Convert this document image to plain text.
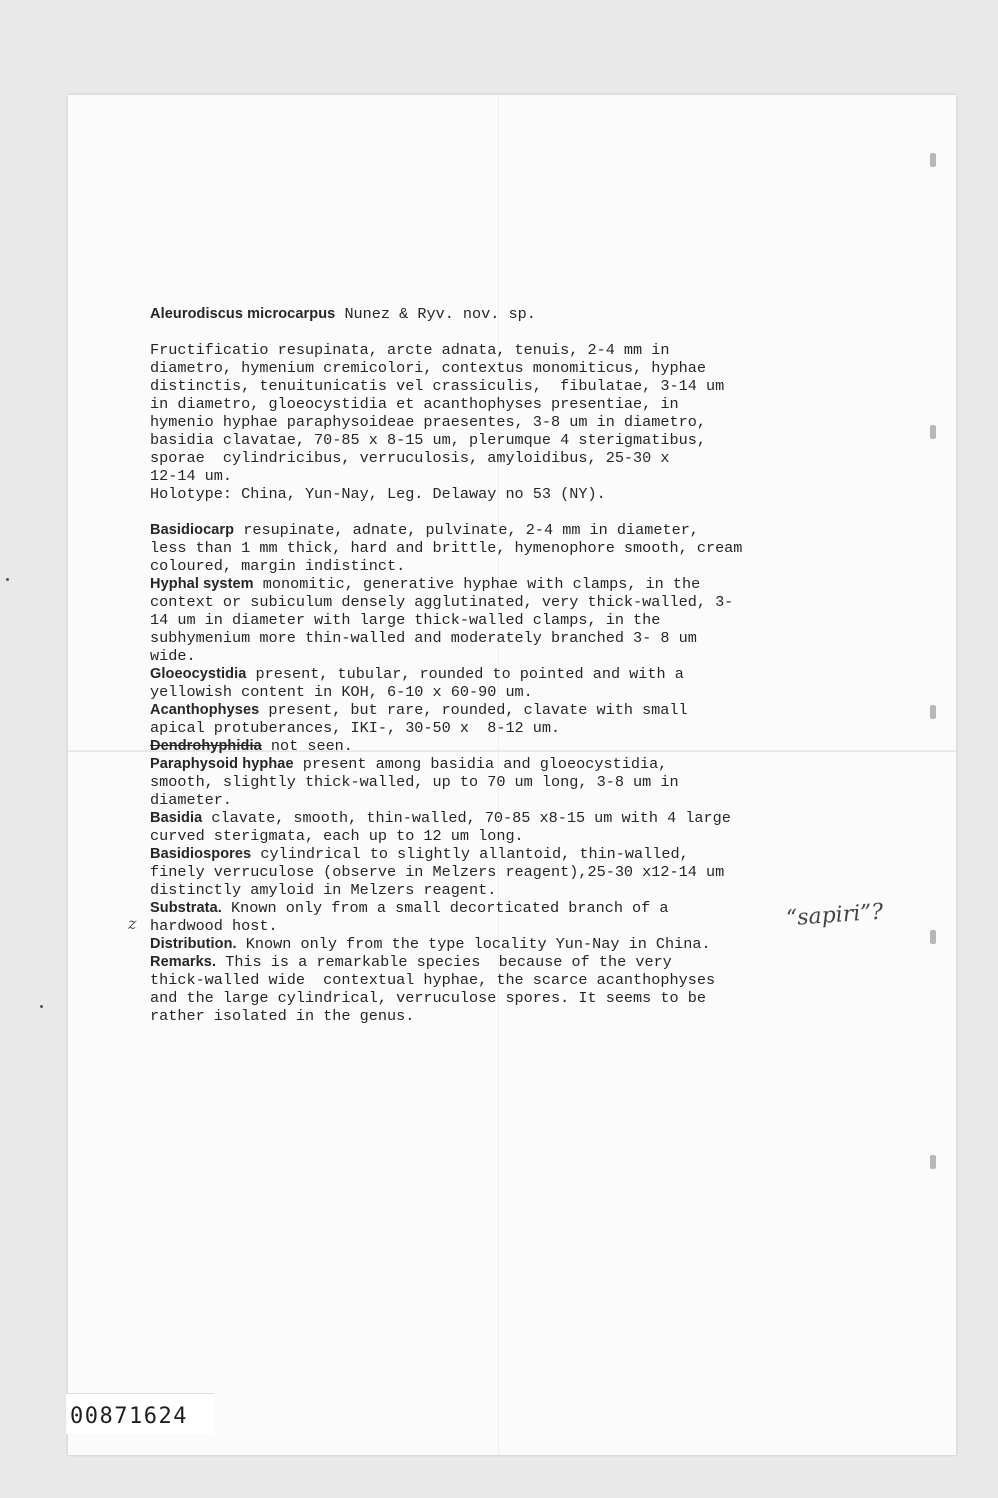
Aleurodiscus microcarpus Nunez & Ryv. nov. sp.

Fructificatio resupinata, arcte adnata, tenuis, 2-4 mm in

diametro, hymenium cremicolori, contextus monomiticus, hyphae

distinctis, tenuitunicatis vel crassiculis,  fibulatae, 3-14 um

in diametro, gloeocystidia et acanthophyses presentiae, in

hymenio hyphae paraphysoideae praesentes, 3-8 um in diametro,

basidia clavatae, 70-85 x 8-15 um, plerumque 4 sterigmatibus,

sporae  cylindricibus, verruculosis, amyloidibus, 25-30 x

12-14 um.

Holotype: China, Yun-Nay, Leg. Delaway no 53 (NY).

Basidiocarp resupinate, adnate, pulvinate, 2-4 mm in diameter,

less than 1 mm thick, hard and brittle, hymenophore smooth, cream

coloured, margin indistinct.

Hyphal system monomitic, generative hyphae with clamps, in the

context or subiculum densely agglutinated, very thick-walled, 3-

14 um in diameter with large thick-walled clamps, in the

subhymenium more thin-walled and moderately branched 3- 8 um

wide.

Gloeocystidia present, tubular, rounded to pointed and with a

yellowish content in KOH, 6-10 x 60-90 um.

Acanthophyses present, but rare, rounded, clavate with small

apical protuberances, IKI-, 30-50 x  8-12 um.

Dendrohyphidia not seen.

Paraphysoid hyphae present among basidia and gloeocystidia,

smooth, slightly thick-walled, up to 70 um long, 3-8 um in

diameter.

Basidia clavate, smooth, thin-walled, 70-85 x8-15 um with 4 large

curved sterigmata, each up to 12 um long.

Basidiospores cylindrical to slightly allantoid, thin-walled,

finely verruculose (observe in Melzers reagent),25-30 x12-14 um

distinctly amyloid in Melzers reagent.

Substrata. Known only from a small decorticated branch of a

hardwood host.

Distribution. Known only from the type locality Yun-Nay in China.

Remarks. This is a remarkable species  because of the very

thick-walled wide  contextual hyphae, the scarce acanthophyses

and the large cylindrical, verruculose spores. It seems to be

rather isolated in the genus.

z	“sapiri”?
00871624
